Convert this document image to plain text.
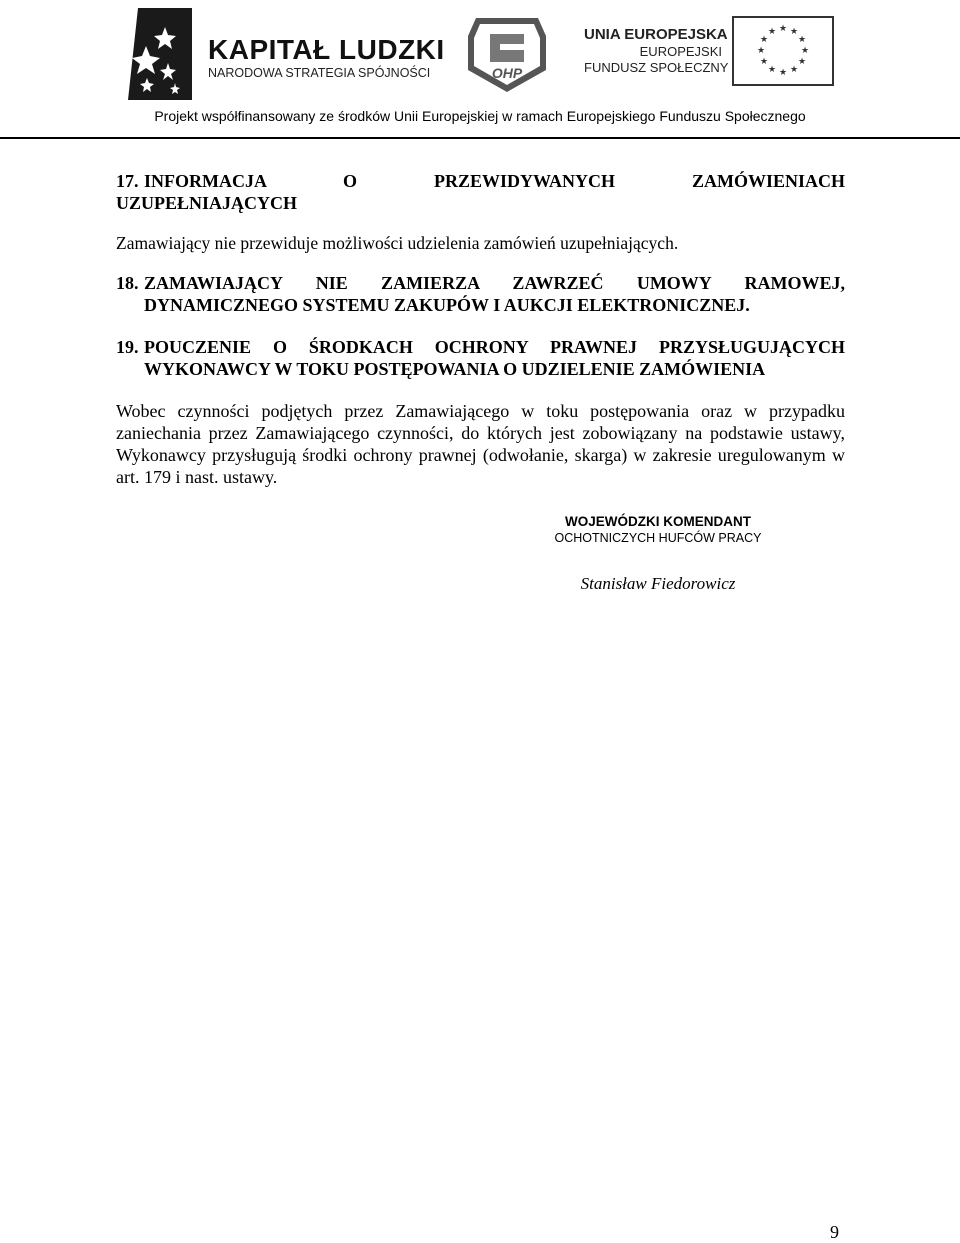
KAPITAŁ LUDZKI
NARODOWA STRATEGIA SPÓJNOŚCI	OHP
UNIA EUROPEJSKA
EUROPEJSKI
FUNDUSZ SPOŁECZNY
★ ★
★
★
★
★
★
★
★
★
★
★
Projekt współfinansowany ze środków Unii Europejskiej w ramach Europejskiego Funduszu Społecznego
17. INFORMACJA O PRZEWIDYWANYCH ZAMÓWIENIACH
UZUPEŁNIAJĄCYCH

Zamawiający nie przewiduje możliwości udzielenia zamówień uzupełniających.

18. ZAMAWIAJĄCY NIE ZAMIERZA ZAWRZEĆ UMOWY RAMOWEJ,
DYNAMICZNEGO SYSTEMU ZAKUPÓW I AUKCJI ELEKTRONICZNEJ.
19. POUCZENIE O ŚRODKACH OCHRONY PRAWNEJ PRZYSŁUGUJĄCYCH
WYKONAWCY W TOKU POSTĘPOWANIA O UDZIELENIE ZAMÓWIENIA

Wobec czynności podjętych przez Zamawiającego w toku postępowania oraz w przypadku zaniechania przez Zamawiającego czynności, do których jest zobowiązany na podstawie ustawy, Wykonawcy przysługują środki ochrony prawnej (odwołanie, skarga) w zakresie uregulowanym w art. 179 i nast. ustawy.

WOJEWÓDZKI KOMENDANT
OCHOTNICZYCH HUFCÓW PRACY
Stanisław Fiedorowicz
9
